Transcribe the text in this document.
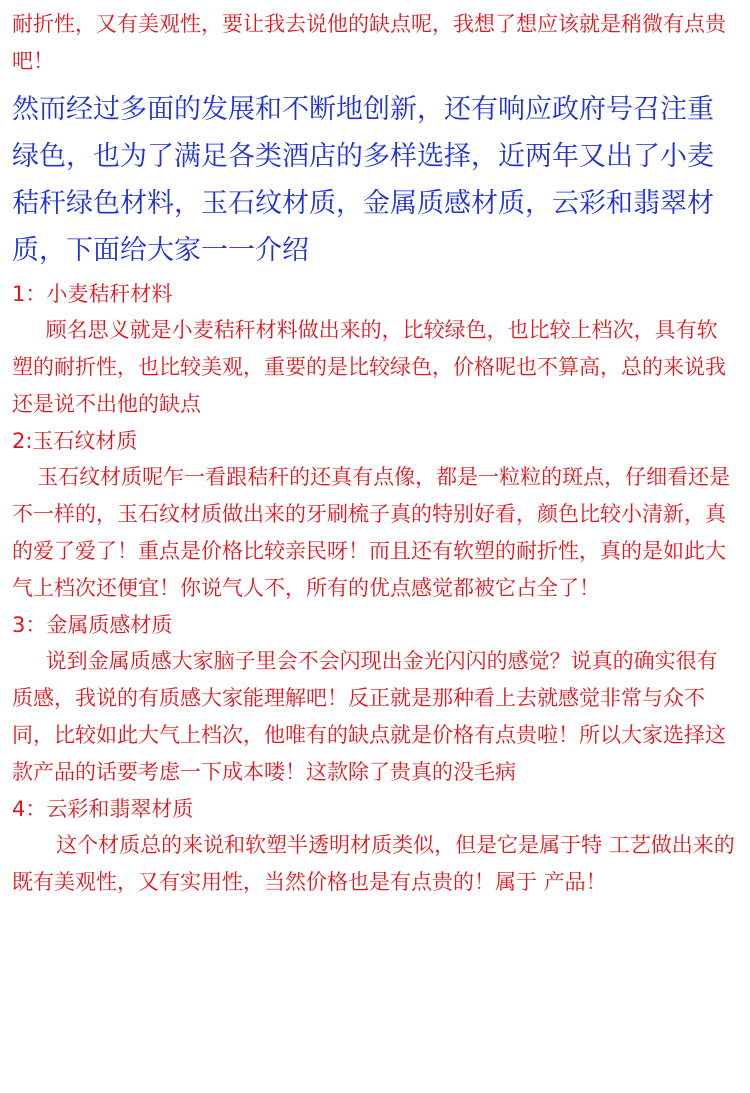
耐折性，又有美观性，要让我去说他的缺点呢，我想了想应该就是稍微有点贵吧！

然而经过多面的发展和不断地创新，还有响应政府号召注重 绿色，也为了满足各类酒店的多样选择，近两年又出了小麦秸秆绿色材料，玉石纹材质，金属质感材质，云彩和翡翠材质，下面给大家一一介绍

1：小麦秸秆材料

顾名思义就是小麦秸秆材料做出来的，比较绿色，也比较上档次，具有软塑的耐折性，也比较美观，重要的是比较绿色，价格呢也不算高，总的来说我还是说不出他的缺点

2:玉石纹材质

玉石纹材质呢乍一看跟秸秆的还真有点像，都是一粒粒的斑点，仔细看还是不一样的，玉石纹材质做出来的牙刷梳子真的特别好看，颜色比较小清新，真的爱了爱了！重点是价格比较亲民呀！而且还有软塑的耐折性，真的是如此大气上档次还便宜！你说气人不，所有的优点感觉都被它占全了！

3：金属质感材质

说到金属质感大家脑子里会不会闪现出金光闪闪的感觉？说真的确实很有质感，我说的有质感大家能理解吧！反正就是那种看上去就感觉非常与众不同，比较如此大气上档次，他唯有的缺点就是价格有点贵啦！所以大家选择这款产品的话要考虑一下成本喽！这款除了贵真的没毛病

4：云彩和翡翠材质

这个材质总的来说和软塑半透明材质类似，但是它是属于特 工艺做出来的既有美观性，又有实用性，当然价格也是有点贵的！属于 产品！
